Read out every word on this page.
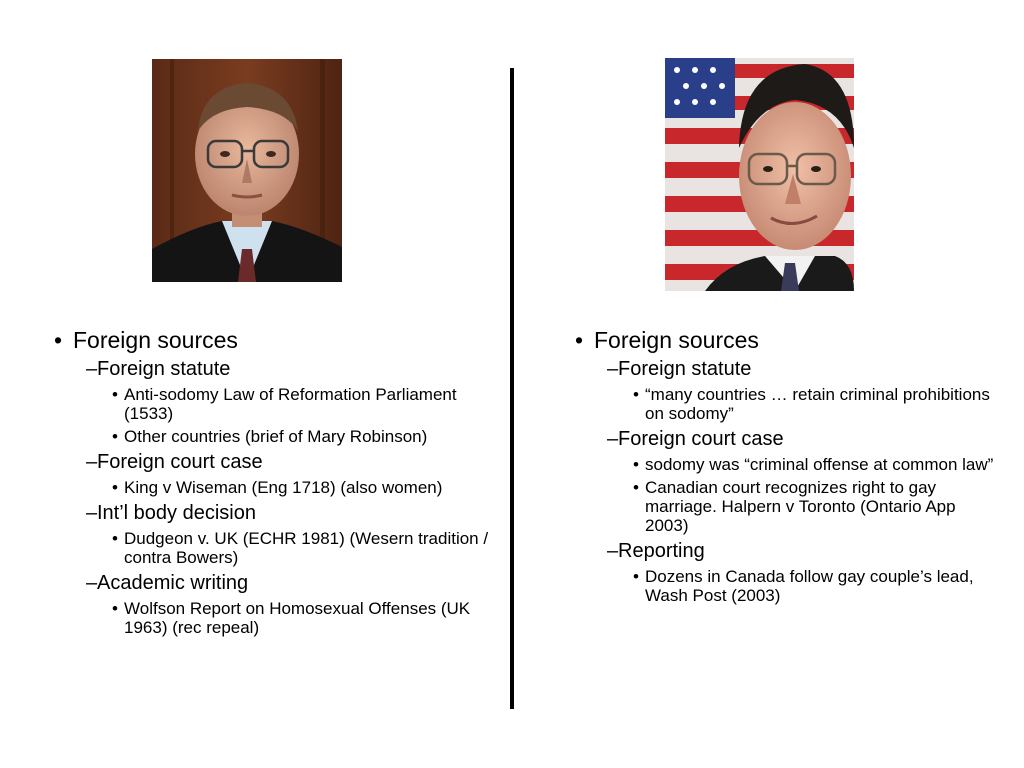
• Foreign sources
– Foreign statute
• Anti-sodomy Law of Reformation Parliament (1533)
• Other countries (brief of Mary Robinson)
– Foreign court case
• King v Wiseman (Eng 1718) (also women)
– Int’l body decision
• Dudgeon v. UK (ECHR 1981) (Wesern tradition / contra Bowers)
– Academic writing
• Wolfson Report on Homosexual Offenses (UK 1963) (rec repeal)
• Foreign sources
– Foreign statute
• “many countries … retain criminal prohibitions on sodomy”
– Foreign court case
• sodomy was “criminal offense at common law”
• Canadian court recognizes right to gay marriage. Halpern v Toronto (Ontario App 2003)
– Reporting
• Dozens in Canada follow gay couple’s lead, Wash Post (2003)
